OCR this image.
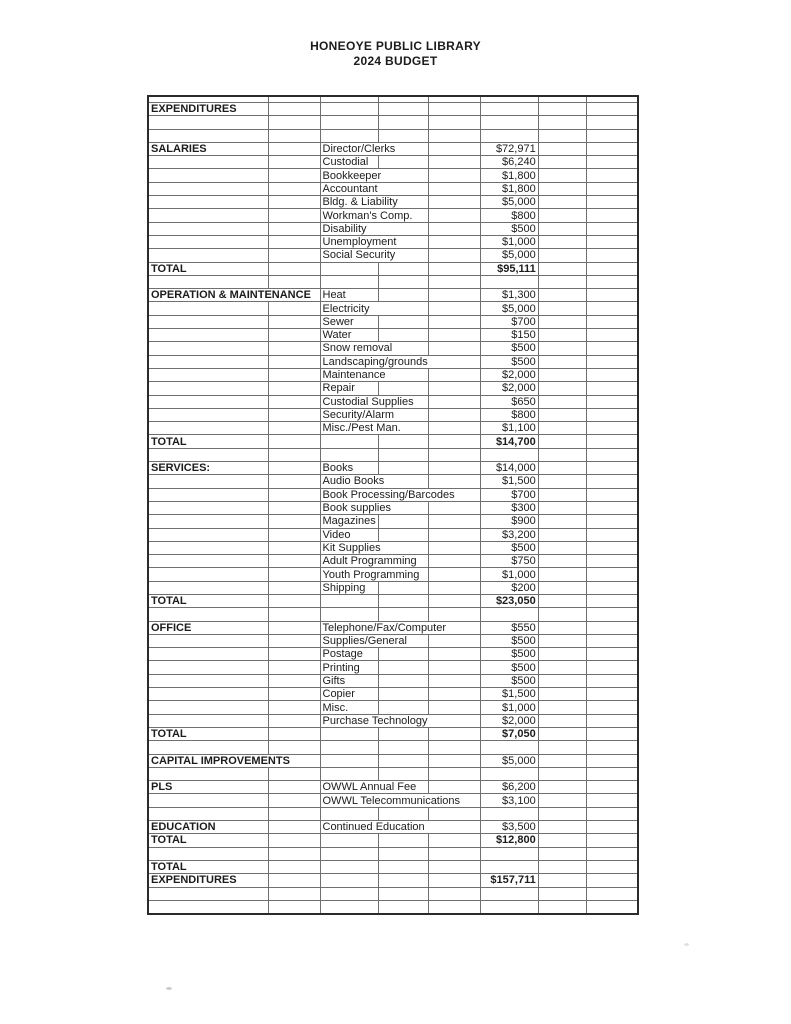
HONEOYE PUBLIC LIBRARY
2024 BUDGET

EXPENDITURES							

SALARIES		Director/Clerks			$72,971		
		Custodial			$6,240		
		Bookkeeper			$1,800		
		Accountant			$1,800		
		Bldg. & Liability			$5,000		
		Workman's Comp.			$800		
		Disability			$500		
		Unemployment			$1,000		
		Social Security			$5,000		
TOTAL					$95,111		

OPERATION & MAINTENANCE		Heat			$1,300		
		Electricity			$5,000		
		Sewer			$700		
		Water			$150		
		Snow removal			$500		
		Landscaping/grounds			$500		
		Maintenance			$2,000		
		Repair			$2,000		
		Custodial Supplies			$650		
		Security/Alarm			$800		
		Misc./Pest Man.			$1,100		
TOTAL					$14,700		

SERVICES:		Books			$14,000		
		Audio Books			$1,500		
		Book Processing/Barcodes			$700		
		Book supplies			$300		
		Magazines			$900		
		Video			$3,200		
		Kit Supplies			$500		
		Adult Programming			$750		
		Youth Programming			$1,000		
		Shipping			$200		
TOTAL					$23,050		

OFFICE		Telephone/Fax/Computer			$550		
		Supplies/General			$500		
		Postage			$500		
		Printing			$500		
		Gifts			$500		
		Copier			$1,500		
		Misc.			$1,000		
		Purchase Technology			$2,000		
TOTAL					$7,050		

CAPITAL IMPROVEMENTS					$5,000		

PLS		OWWL Annual Fee			$6,200		
		OWWL Telecommunications			$3,100		

EDUCATION		Continued Education			$3,500		
TOTAL					$12,800		

TOTAL							
EXPENDITURES					$157,711		
